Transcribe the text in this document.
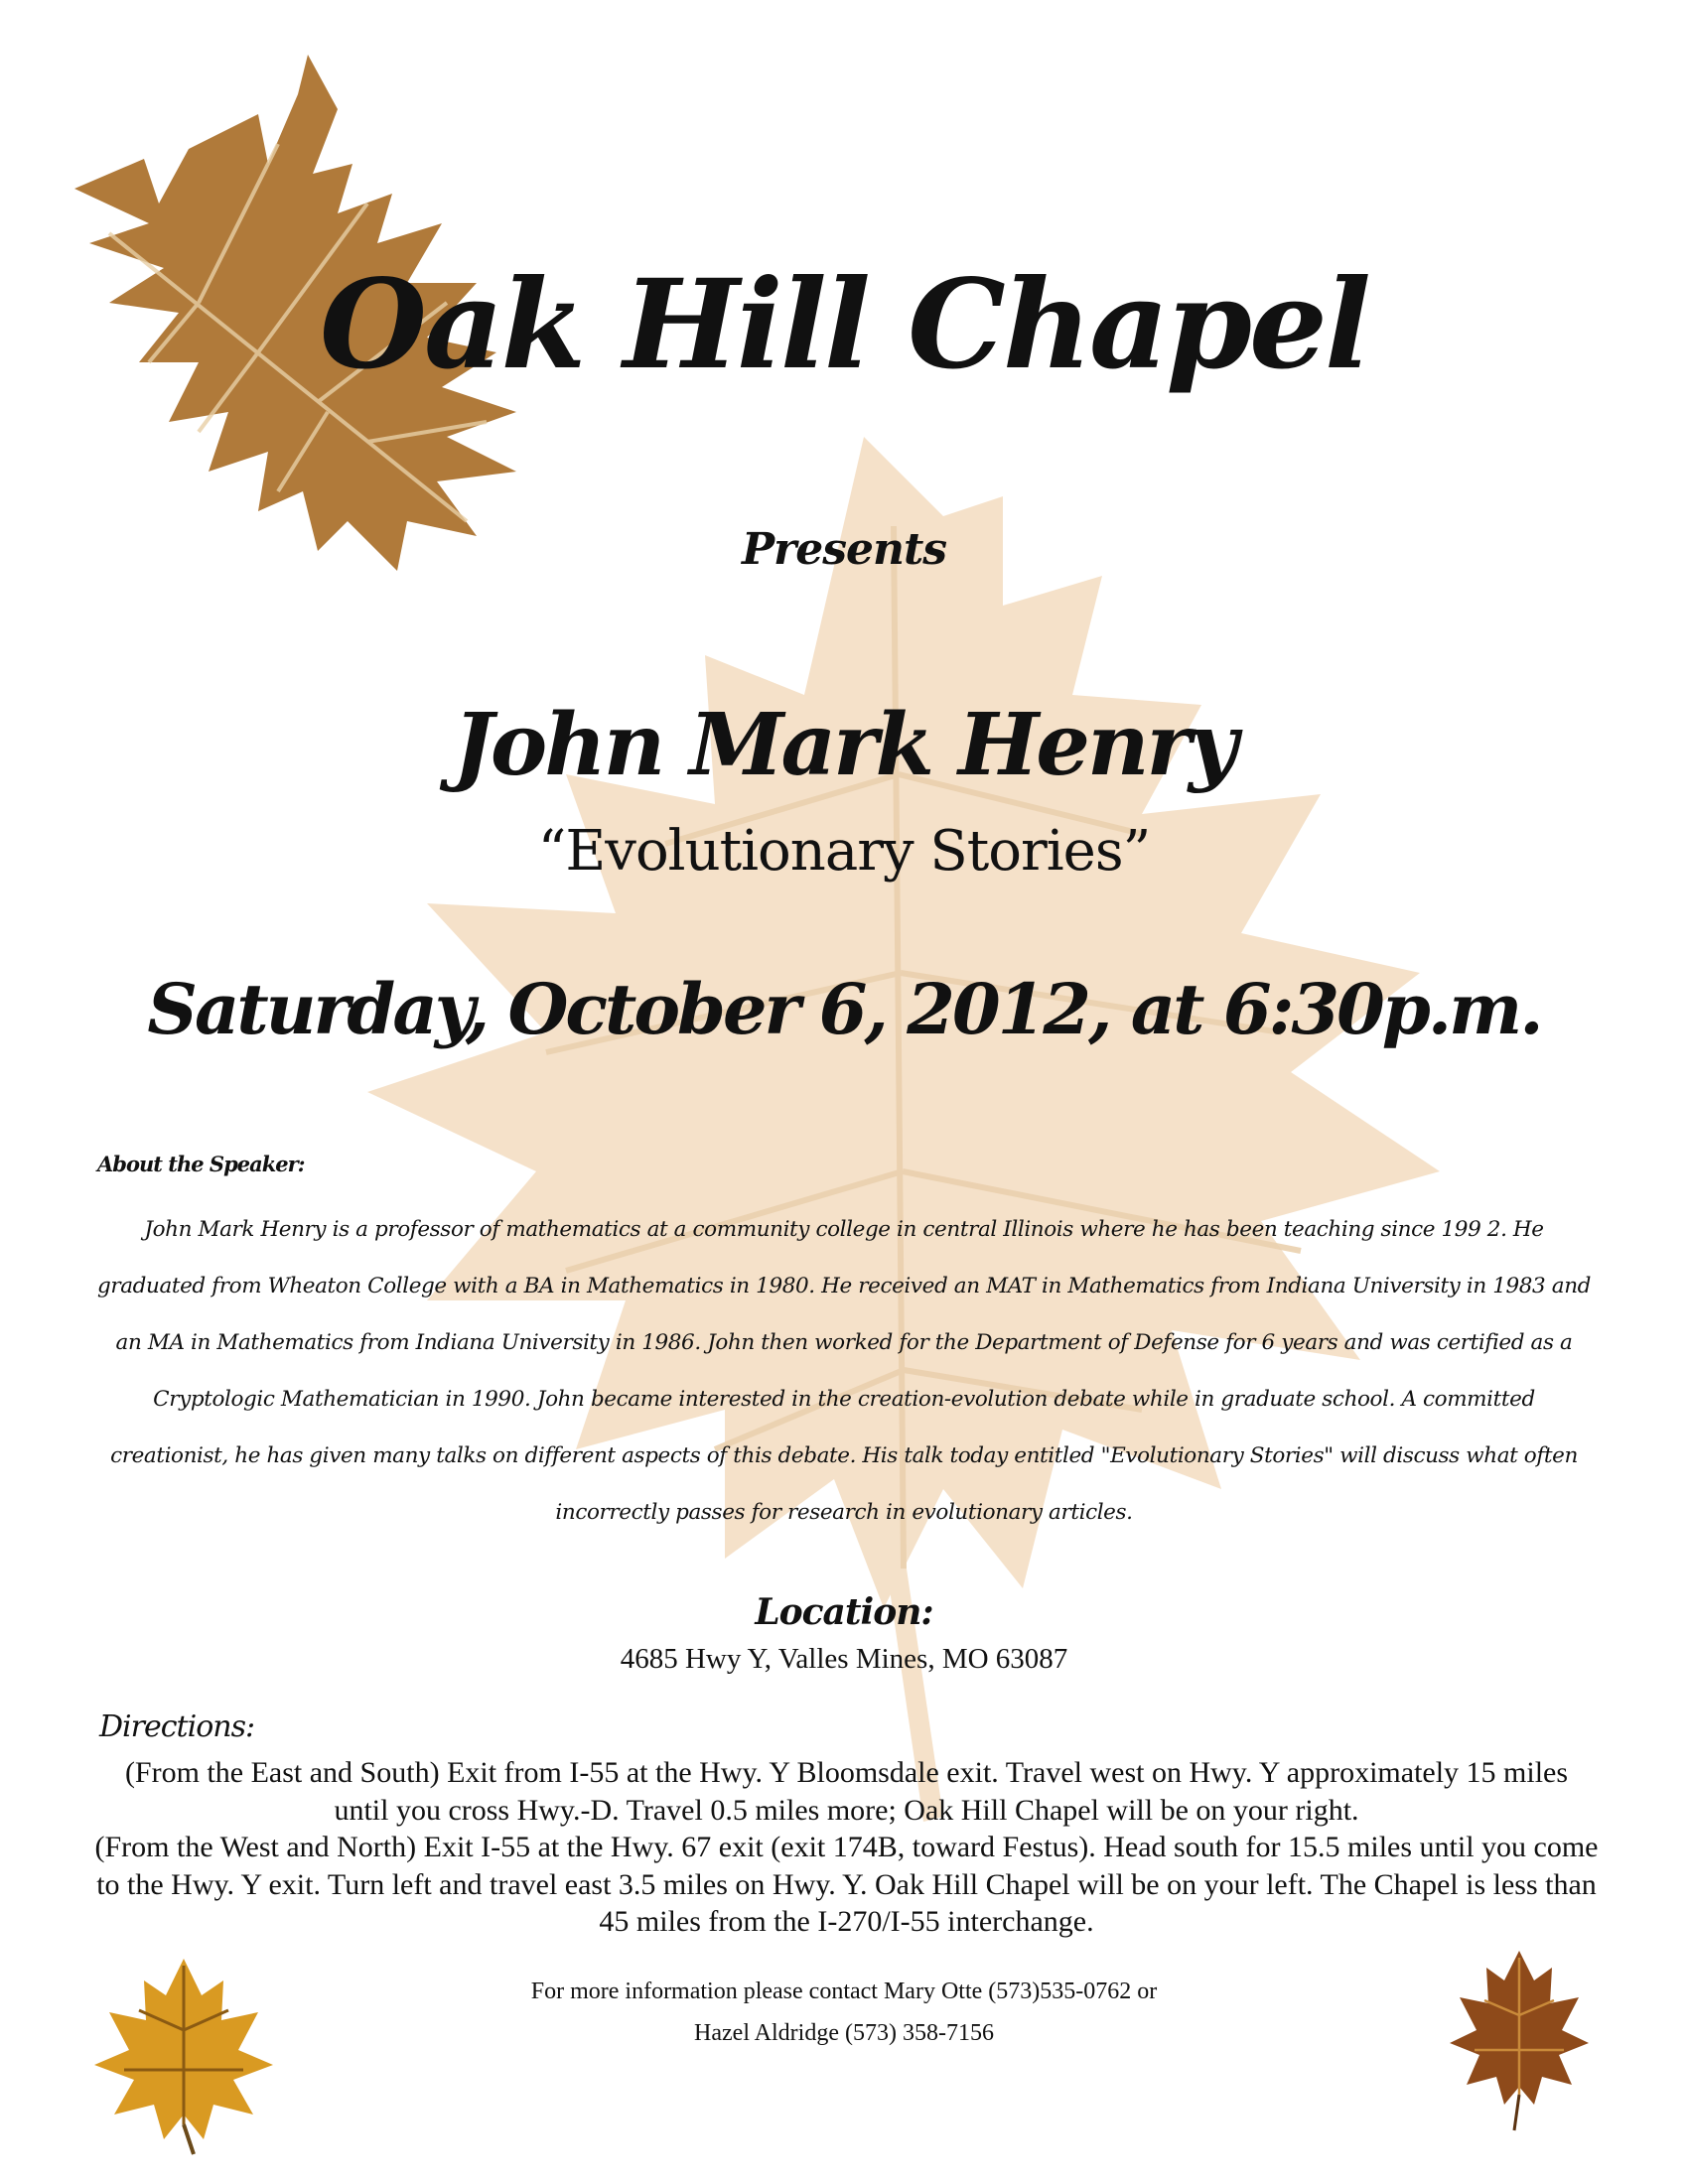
Oak Hill Chapel
Presents
John Mark Henry
“Evolutionary Stories”
Saturday, October 6, 2012, at 6:30p.m.
About the Speaker:

John Mark Henry is a professor of mathematics at a community college in central Illinois where he has been teaching since 199 2. He graduated from Wheaton College with a BA in Mathematics in 1980. He received an MAT in Mathematics from Indiana University in 1983 and an MA in Mathematics from Indiana University in 1986. John then worked for the Department of Defense for 6 years and was certified as a Cryptologic Mathematician in 1990. John became interested in the creation-evolution debate while in graduate school. A committed creationist, he has given many talks on different aspects of this debate. His talk today entitled "Evolutionary Stories" will discuss what often incorrectly passes for research in evolutionary articles.

Location:
4685 Hwy Y, Valles Mines, MO 63087
Directions:
(From the East and South) Exit from I-55 at the Hwy. Y Bloomsdale exit. Travel west on Hwy. Y approximately 15 miles until you cross Hwy.-D. Travel 0.5 miles more; Oak Hill Chapel will be on your right.
(From the West and North) Exit I-55 at the Hwy. 67 exit (exit 174B, toward Festus). Head south for 15.5 miles until you come to the Hwy. Y exit. Turn left and travel east 3.5 miles on Hwy. Y. Oak Hill Chapel will be on your left. The Chapel is less than 45 miles from the I-270/I-55 interchange.
For more information please contact Mary Otte (573)535-0762 or
Hazel Aldridge (573) 358-7156
